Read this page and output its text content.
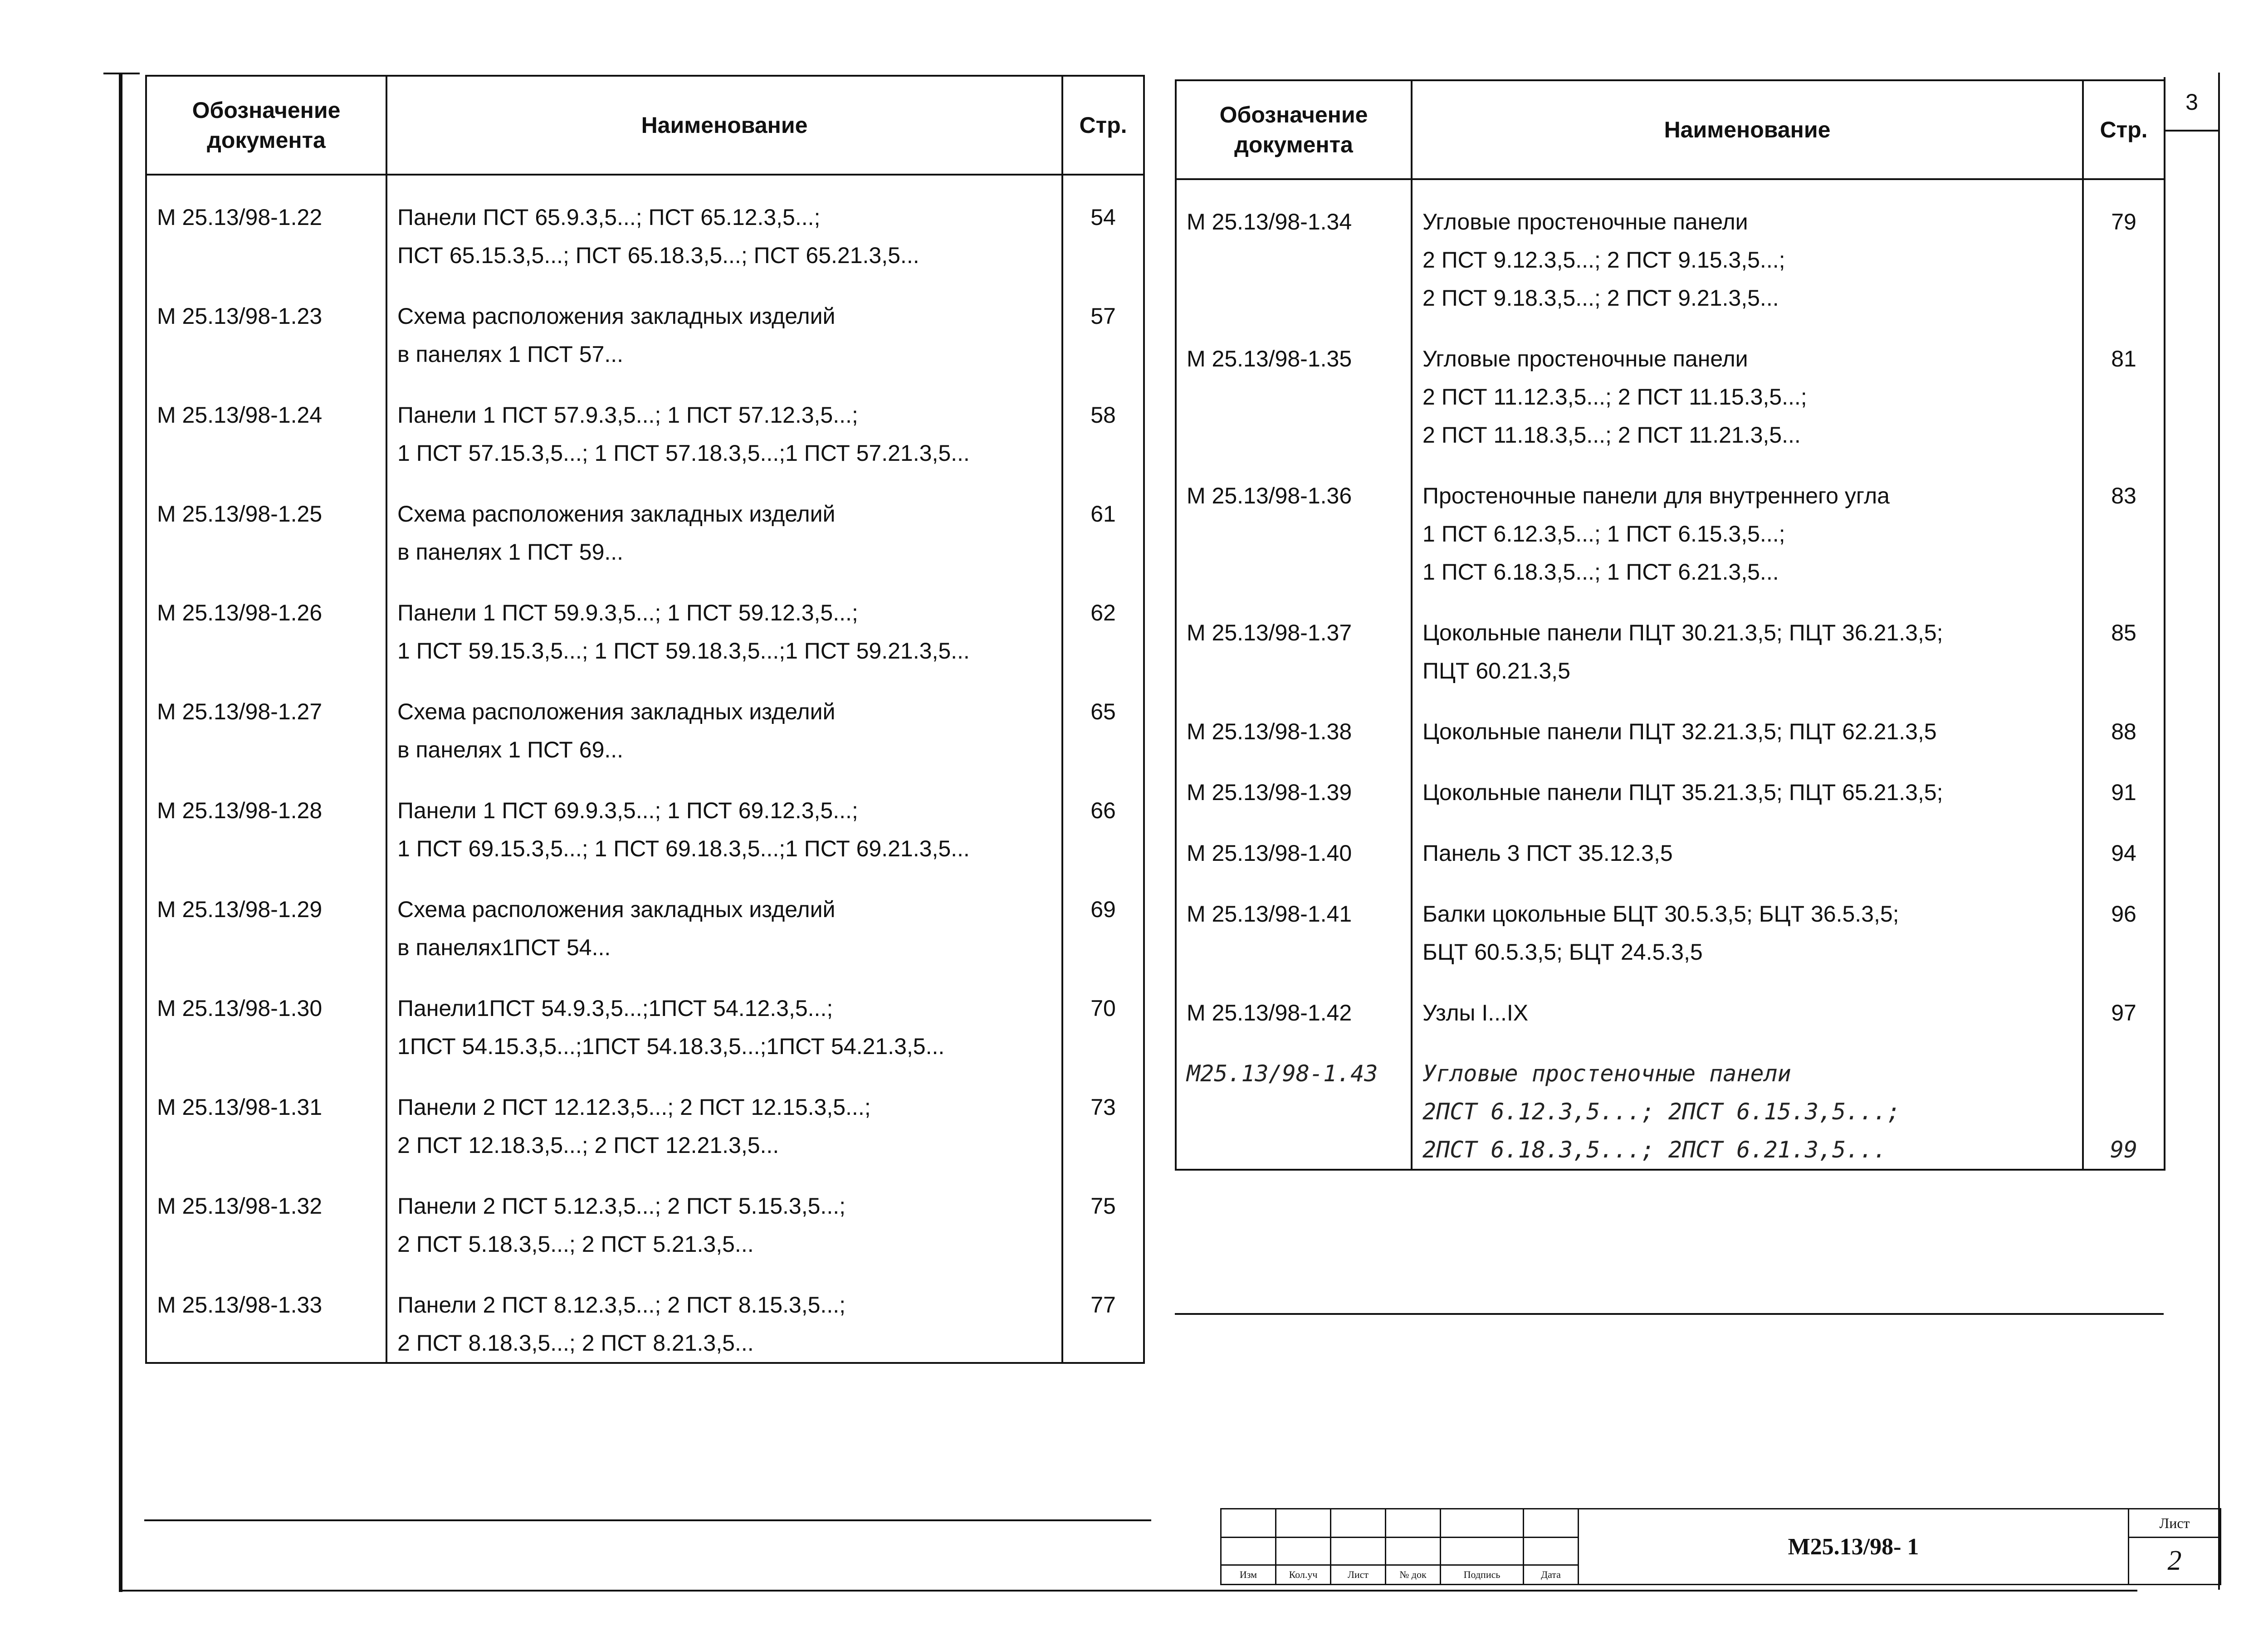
3
Обозначение документа	Наименование	Стр.
М 25.13/98-1.22	Панели ПСТ 65.9.3,5...; ПСТ 65.12.3,5...;
ПСТ 65.15.3,5...; ПСТ 65.18.3,5...; ПСТ 65.21.3,5...	54
М 25.13/98-1.23	Схема расположения закладных изделий
в панелях 1 ПСТ 57...	57
М 25.13/98-1.24	Панели 1 ПСТ 57.9.3,5...; 1 ПСТ 57.12.3,5...;
1 ПСТ 57.15.3,5...; 1 ПСТ 57.18.3,5...;1 ПСТ 57.21.3,5...	58
М 25.13/98-1.25	Схема расположения закладных изделий
в панелях 1 ПСТ 59...	61
М 25.13/98-1.26	Панели 1 ПСТ 59.9.3,5...; 1 ПСТ 59.12.3,5...;
1 ПСТ 59.15.3,5...; 1 ПСТ 59.18.3,5...;1 ПСТ 59.21.3,5...	62
М 25.13/98-1.27	Схема расположения закладных изделий
в панелях 1 ПСТ 69...	65
М 25.13/98-1.28	Панели 1 ПСТ 69.9.3,5...; 1 ПСТ 69.12.3,5...;
1 ПСТ 69.15.3,5...; 1 ПСТ 69.18.3,5...;1 ПСТ 69.21.3,5...	66
М 25.13/98-1.29	Схема расположения закладных изделий
в панелях1ПСТ 54...	69
М 25.13/98-1.30	Панели1ПСТ 54.9.3,5...;1ПСТ 54.12.3,5...;
1ПСТ 54.15.3,5...;1ПСТ 54.18.3,5...;1ПСТ 54.21.3,5...	70
М 25.13/98-1.31	Панели 2 ПСТ 12.12.3,5...; 2 ПСТ 12.15.3,5...;
2 ПСТ 12.18.3,5...; 2 ПСТ 12.21.3,5...	73
М 25.13/98-1.32	Панели 2 ПСТ 5.12.3,5...; 2 ПСТ 5.15.3,5...;
2 ПСТ 5.18.3,5...; 2 ПСТ 5.21.3,5...	75
М 25.13/98-1.33	Панели 2 ПСТ 8.12.3,5...; 2 ПСТ 8.15.3,5...;
2 ПСТ 8.18.3,5...; 2 ПСТ 8.21.3,5...	77
Обозначение документа	Наименование	Стр.
М 25.13/98-1.34	Угловые простеночные панели
2 ПСТ 9.12.3,5...; 2 ПСТ 9.15.3,5...;
2 ПСТ 9.18.3,5...; 2 ПСТ 9.21.3,5...	79
М 25.13/98-1.35	Угловые простеночные панели
2 ПСТ 11.12.3,5...; 2 ПСТ 11.15.3,5...;
2 ПСТ 11.18.3,5...; 2 ПСТ 11.21.3,5...	81
М 25.13/98-1.36	Простеночные панели для внутреннего угла
1 ПСТ 6.12.3,5...; 1 ПСТ 6.15.3,5...;
1 ПСТ 6.18.3,5...; 1 ПСТ 6.21.3,5...	83
М 25.13/98-1.37	Цокольные панели ПЦТ 30.21.3,5; ПЦТ 36.21.3,5;
ПЦТ 60.21.3,5	85
М 25.13/98-1.38	Цокольные панели ПЦТ 32.21.3,5; ПЦТ 62.21.3,5	88
М 25.13/98-1.39	Цокольные панели ПЦТ 35.21.3,5; ПЦТ 65.21.3,5;	91
М 25.13/98-1.40	Панель 3 ПСТ 35.12.3,5	94
М 25.13/98-1.41	Балки цокольные БЦТ 30.5.3,5; БЦТ 36.5.3,5;
БЦТ 60.5.3,5; БЦТ 24.5.3,5	96
М 25.13/98-1.42	Узлы I...IX	97
М25.13/98-1.43	Угловые простеночные панели
2ПСТ 6.12.3,5...; 2ПСТ 6.15.3,5...;
2ПСТ 6.18.3,5...; 2ПСТ 6.21.3,5...	99
						М25.13/98- 1	Лист
							2
Изм	Кол.уч	Лист	№ док	Подпись	Дата		
